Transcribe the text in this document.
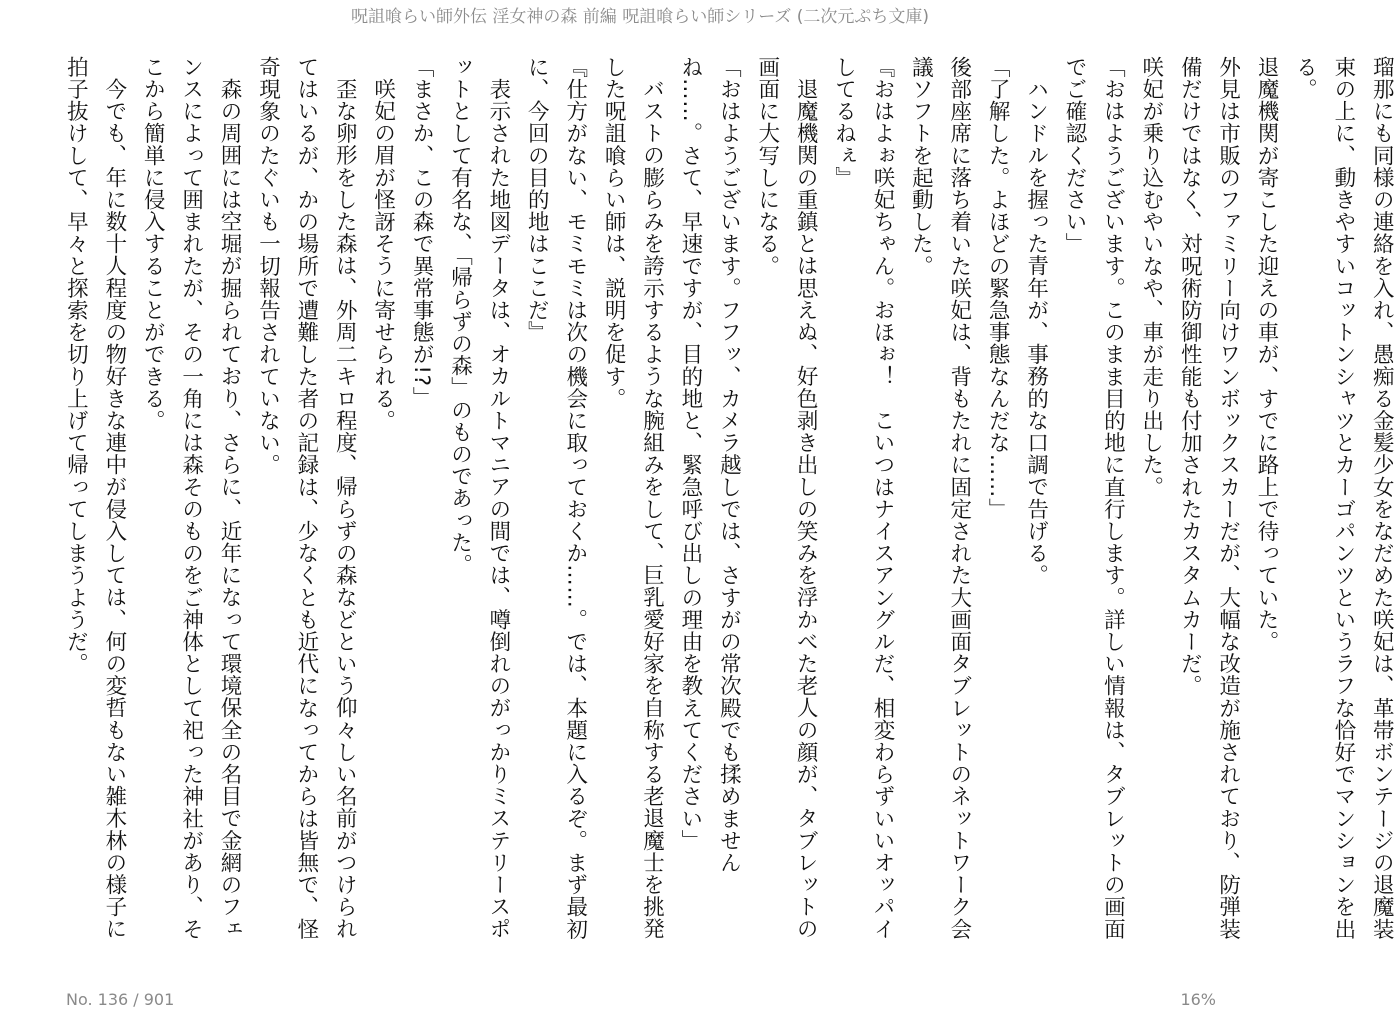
呪詛喰らい師外伝 淫女神の森 前編 呪詛喰らい師シリーズ (二次元ぷち文庫)

瑠那にも同様の連絡を入れ、愚痴る金髪少女をなだめた咲妃は、革帯ボンテージの退魔装束の上に、動きやすいコットンシャツとカーゴパンツというラフな恰好でマンションを出る。

退魔機関が寄こした迎えの車が、すでに路上で待っていた。

外見は市販のファミリー向けワンボックスカーだが、大幅な改造が施されており、防弾装備だけではなく、対呪術防御性能も付加されたカスタムカーだ。

咲妃が乗り込むやいなや、車が走り出した。

「おはようございます。このまま目的地に直行します。詳しい情報は、タブレットの画面でご確認ください」

ハンドルを握った青年が、事務的な口調で告げる。

「了解した。よほどの緊急事態なんだな……」

後部座席に落ち着いた咲妃は、背もたれに固定された大画面タブレットのネットワーク会議ソフトを起動した。

『おはよぉ咲妃ちゃん。おほぉ！　こいつはナイスアングルだ、相変わらずいいオッパイしてるねぇ』

退魔機関の重鎮とは思えぬ、好色剥き出しの笑みを浮かべた老人の顔が、タブレットの画面に大写しになる。

「おはようございます。フフッ、カメラ越しでは、さすがの常次殿でも揉めませんね……。さて、早速ですが、目的地と、緊急呼び出しの理由を教えてください」

バストの膨らみを誇示するような腕組みをして、巨乳愛好家を自称する老退魔士を挑発した呪詛喰らい師は、説明を促す。

『仕方がない、モミモミは次の機会に取っておくか……。では、本題に入るぞ。まず最初に、今回の目的地はここだ』

表示された地図データは、オカルトマニアの間では、噂倒れのがっかりミステリースポットとして有名な、「帰らずの森」のものであった。

「まさか、この森で異常事態が!?」

咲妃の眉が怪訝そうに寄せられる。

歪な卵形をした森は、外周二キロ程度、帰らずの森などという仰々しい名前がつけられてはいるが、かの場所で遭難した者の記録は、少なくとも近代になってからは皆無で、怪奇現象のたぐいも一切報告されていない。

森の周囲には空堀が掘られており、さらに、近年になって環境保全の名目で金網のフェンスによって囲まれたが、その一角には森そのものをご神体として祀った神社があり、そこから簡単に侵入することができる。

今でも、年に数十人程度の物好きな連中が侵入しては、何の変哲もない雑木林の様子に拍子抜けして、早々と探索を切り上げて帰ってしまうようだ。

No. 136 / 901	16%
